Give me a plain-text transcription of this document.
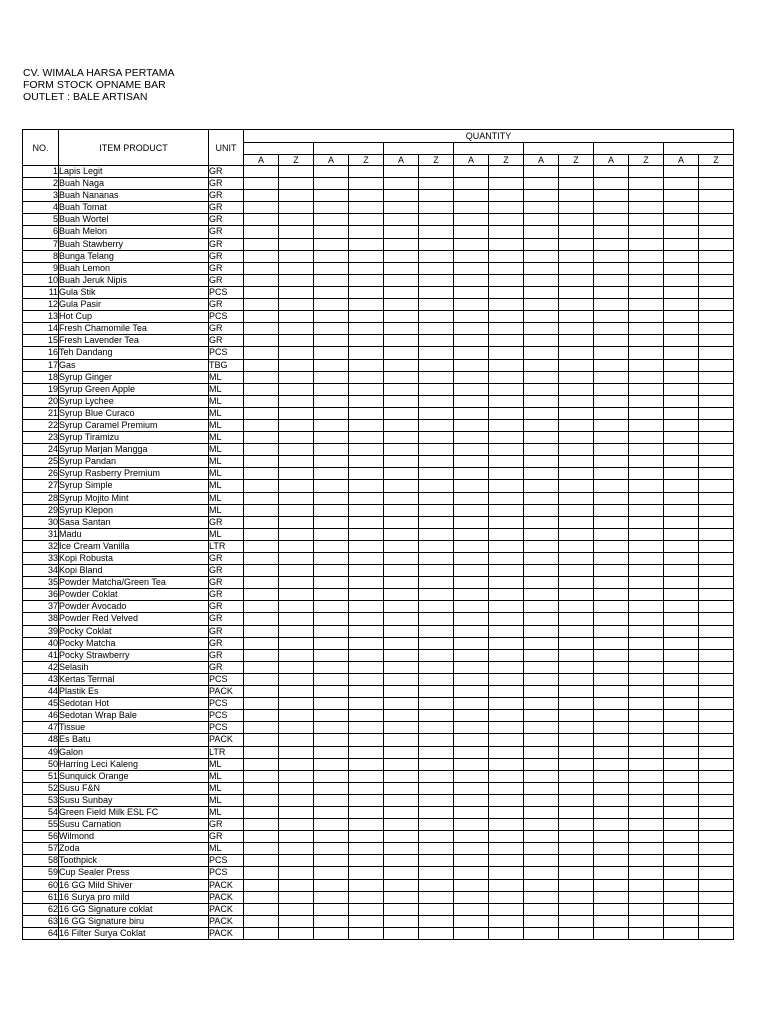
CV. WIMALA HARSA PERTAMA
FORM STOCK OPNAME BAR
OUTLET : BALE ARTISAN
NO.	ITEM PRODUCT	UNIT	QUANTITY													

			A	Z	A	Z	A	Z	A	Z	A	Z	A	Z	A	Z
1	Lapis Legit	GR														
2	Buah Naga	GR														
3	Buah Nananas	GR														
4	Buah Tomat	GR														
5	Buah Wortel	GR														
6	Buah Melon	GR														
7	Buah Stawberry	GR														
8	Bunga Telang	GR														
9	Buah Lemon	GR														
10	Buah Jeruk Nipis	GR														
11	Gula Stik	PCS														
12	Gula Pasir	GR														
13	Hot Cup	PCS														
14	Fresh Chamomile Tea	GR														
15	Fresh Lavender Tea	GR														
16	Teh Dandang	PCS														
17	Gas	TBG														
18	Syrup Ginger	ML														
19	Syrup Green Apple	ML														
20	Syrup Lychee	ML														
21	Syrup Blue Curaco	ML														
22	Syrup Caramel Premium	ML														
23	Syrup Tiramizu	ML														
24	Syrup Marjan Mangga	ML														
25	Syrup Pandan	ML														
26	Syrup Rasberry Premium	ML														
27	Syrup Simple	ML														
28	Syrup Mojito Mint	ML														
29	Syrup Klepon	ML														
30	Sasa Santan	GR														
31	Madu	ML														
32	Ice Cream Vanilla	LTR														
33	Kopi Robusta	GR														
34	Kopi Bland	GR														
35	Powder Matcha/Green Tea	GR														
36	Powder Coklat	GR														
37	Powder Avocado	GR														
38	Powder Red Velved	GR														
39	Pocky Coklat	GR														
40	Pocky Matcha	GR														
41	Pocky Strawberry	GR														
42	Selasih	GR														
43	Kertas Termal	PCS														
44	Plastik Es	PACK														
45	Sedotan Hot	PCS														
46	Sedotan Wrap Bale	PCS														
47	Tissue	PCS														
48	Es Batu	PACK														
49	Galon	LTR														
50	Harring Leci Kaleng	ML														
51	Sunquick Orange	ML														
52	Susu F&N	ML														
53	Susu Sunbay	ML														
54	Green Field Milk ESL FC	ML														
55	Susu Carnation	GR														
56	Wilmond	GR														
57	Zoda	ML														
58	Toothpick	PCS														
59	Cup Sealer Press	PCS														
60	16 GG Mild Shiver	PACK														
61	16 Surya pro mild	PACK														
62	16 GG Signature coklat	PACK														
63	16 GG Signature biru	PACK														
64	16 Filter Surya Coklat	PACK														
